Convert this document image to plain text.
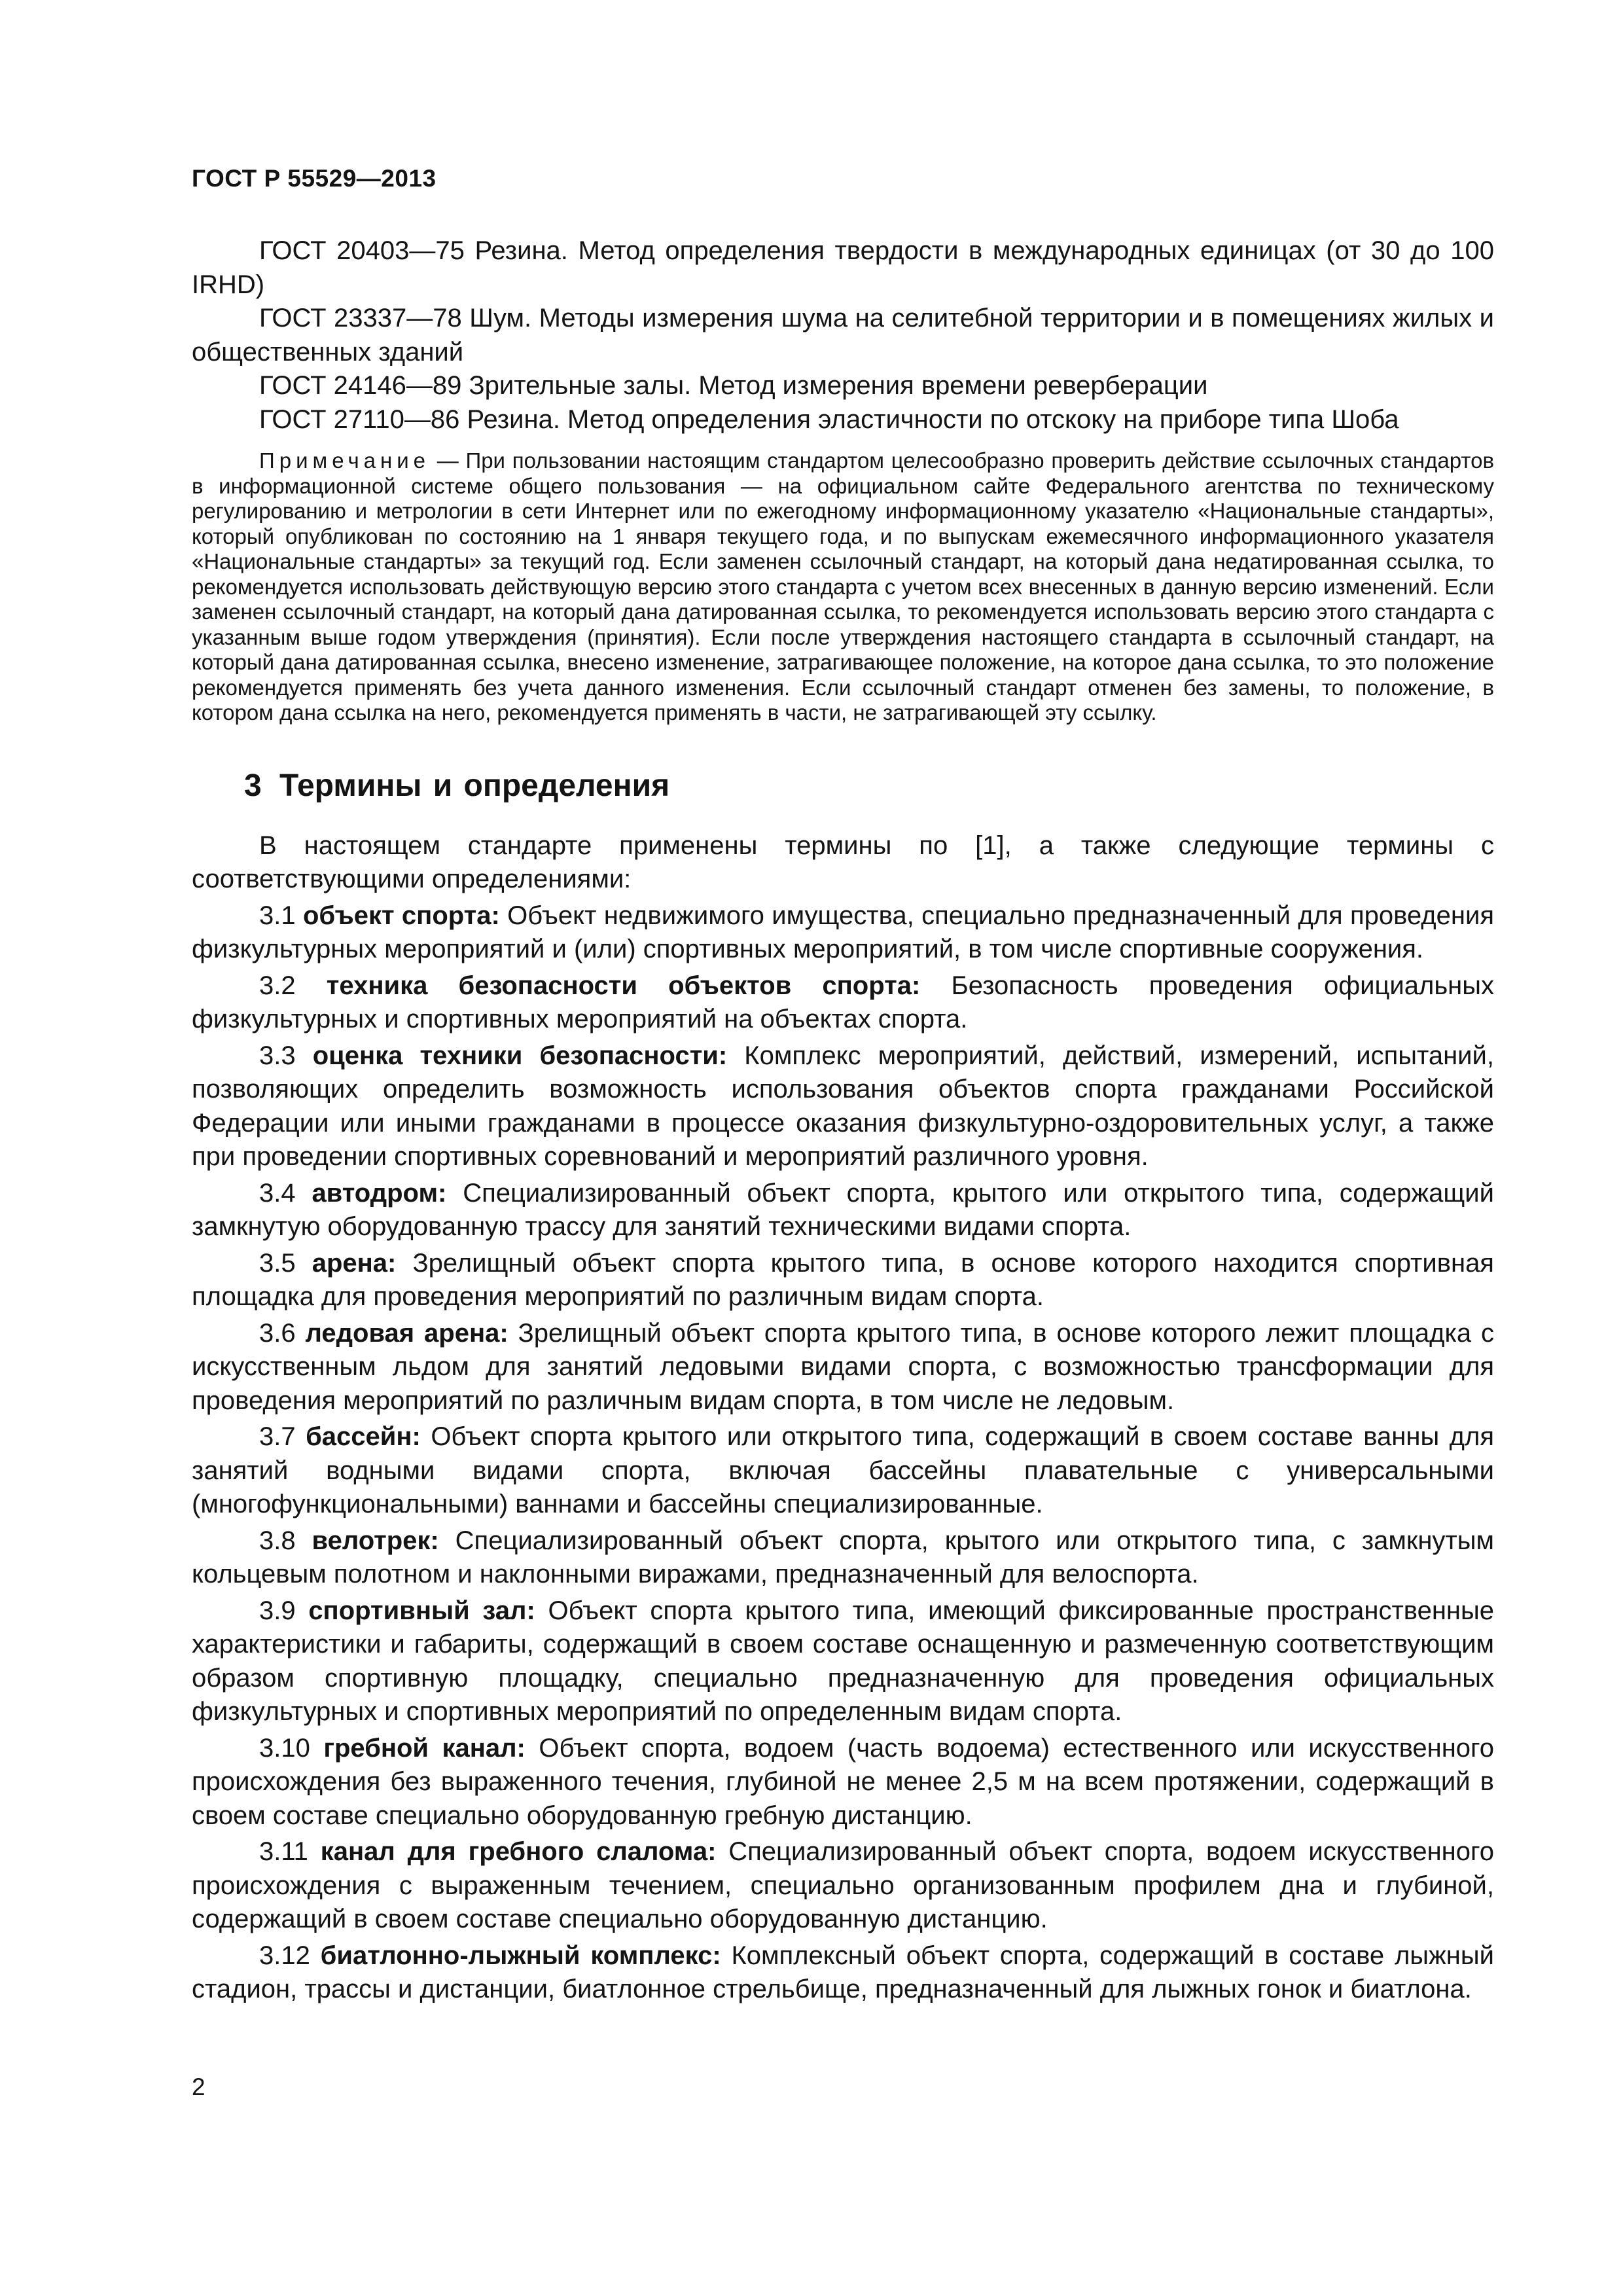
ГОСТ Р 55529—2013

ГОСТ 20403—75 Резина. Метод определения твердости в международных единицах (от 30 до 100 IRHD)

ГОСТ 23337—78 Шум. Методы измерения шума на селитебной территории и в помещениях жилых и общественных зданий

ГОСТ 24146—89 Зрительные залы. Метод измерения времени реверберации

ГОСТ 27110—86 Резина. Метод определения эластичности по отскоку на приборе типа Шоба

Примечание — При пользовании настоящим стандартом целесообразно проверить действие ссылочных стандартов в информационной системе общего пользования — на официальном сайте Федерального агентства по техническому регулированию и метрологии в сети Интернет или по ежегодному информационному указателю «Национальные стандарты», который опубликован по состоянию на 1 января текущего года, и по выпускам ежемесячного информационного указателя «Национальные стандарты» за текущий год. Если заменен ссылочный стандарт, на который дана недатированная ссылка, то рекомендуется использовать действующую версию этого стандарта с учетом всех внесенных в данную версию изменений. Если заменен ссылочный стандарт, на который дана датированная ссылка, то рекомендуется использовать версию этого стандарта с указанным выше годом утверждения (принятия). Если после утверждения настоящего стандарта в ссылочный стандарт, на который дана датированная ссылка, внесено изменение, затрагивающее положение, на которое дана ссылка, то это положение рекомендуется применять без учета данного изменения. Если ссылочный стандарт отменен без замены, то положение, в котором дана ссылка на него, рекомендуется применять в части, не затрагивающей эту ссылку.
3 Термины и определения

В настоящем стандарте применены термины по [1], а также следующие термины с соответствующими определениями:

3.1 объект спорта: Объект недвижимого имущества, специально предназначенный для проведения физкультурных мероприятий и (или) спортивных мероприятий, в том числе спортивные сооружения.

3.2 техника безопасности объектов спорта: Безопасность проведения официальных физкультурных и спортивных мероприятий на объектах спорта.

3.3 оценка техники безопасности: Комплекс мероприятий, действий, измерений, испытаний, позволяющих определить возможность использования объектов спорта гражданами Российской Федерации или иными гражданами в процессе оказания физкультурно-оздоровительных услуг, а также при проведении спортивных соревнований и мероприятий различного уровня.

3.4 автодром: Специализированный объект спорта, крытого или открытого типа, содержащий замкнутую оборудованную трассу для занятий техническими видами спорта.

3.5 арена: Зрелищный объект спорта крытого типа, в основе которого находится спортивная площадка для проведения мероприятий по различным видам спорта.

3.6 ледовая арена: Зрелищный объект спорта крытого типа, в основе которого лежит площадка с искусственным льдом для занятий ледовыми видами спорта, с возможностью трансформации для проведения мероприятий по различным видам спорта, в том числе не ледовым.

3.7 бассейн: Объект спорта крытого или открытого типа, содержащий в своем составе ванны для занятий водными видами спорта, включая бассейны плавательные с универсальными (многофункциональными) ваннами и бассейны специализированные.

3.8 велотрек: Специализированный объект спорта, крытого или открытого типа, с замкнутым кольцевым полотном и наклонными виражами, предназначенный для велоспорта.

3.9 спортивный зал: Объект спорта крытого типа, имеющий фиксированные пространственные характеристики и габариты, содержащий в своем составе оснащенную и размеченную соответствующим образом спортивную площадку, специально предназначенную для проведения официальных физкультурных и спортивных мероприятий по определенным видам спорта.

3.10 гребной канал: Объект спорта, водоем (часть водоема) естественного или искусственного происхождения без выраженного течения, глубиной не менее 2,5 м на всем протяжении, содержащий в своем составе специально оборудованную гребную дистанцию.

3.11 канал для гребного слалома: Специализированный объект спорта, водоем искусственного происхождения с выраженным течением, специально организованным профилем дна и глубиной, содержащий в своем составе специально оборудованную дистанцию.

3.12 биатлонно-лыжный комплекс: Комплексный объект спорта, содержащий в составе лыжный стадион, трассы и дистанции, биатлонное стрельбище, предназначенный для лыжных гонок и биатлона.

2
